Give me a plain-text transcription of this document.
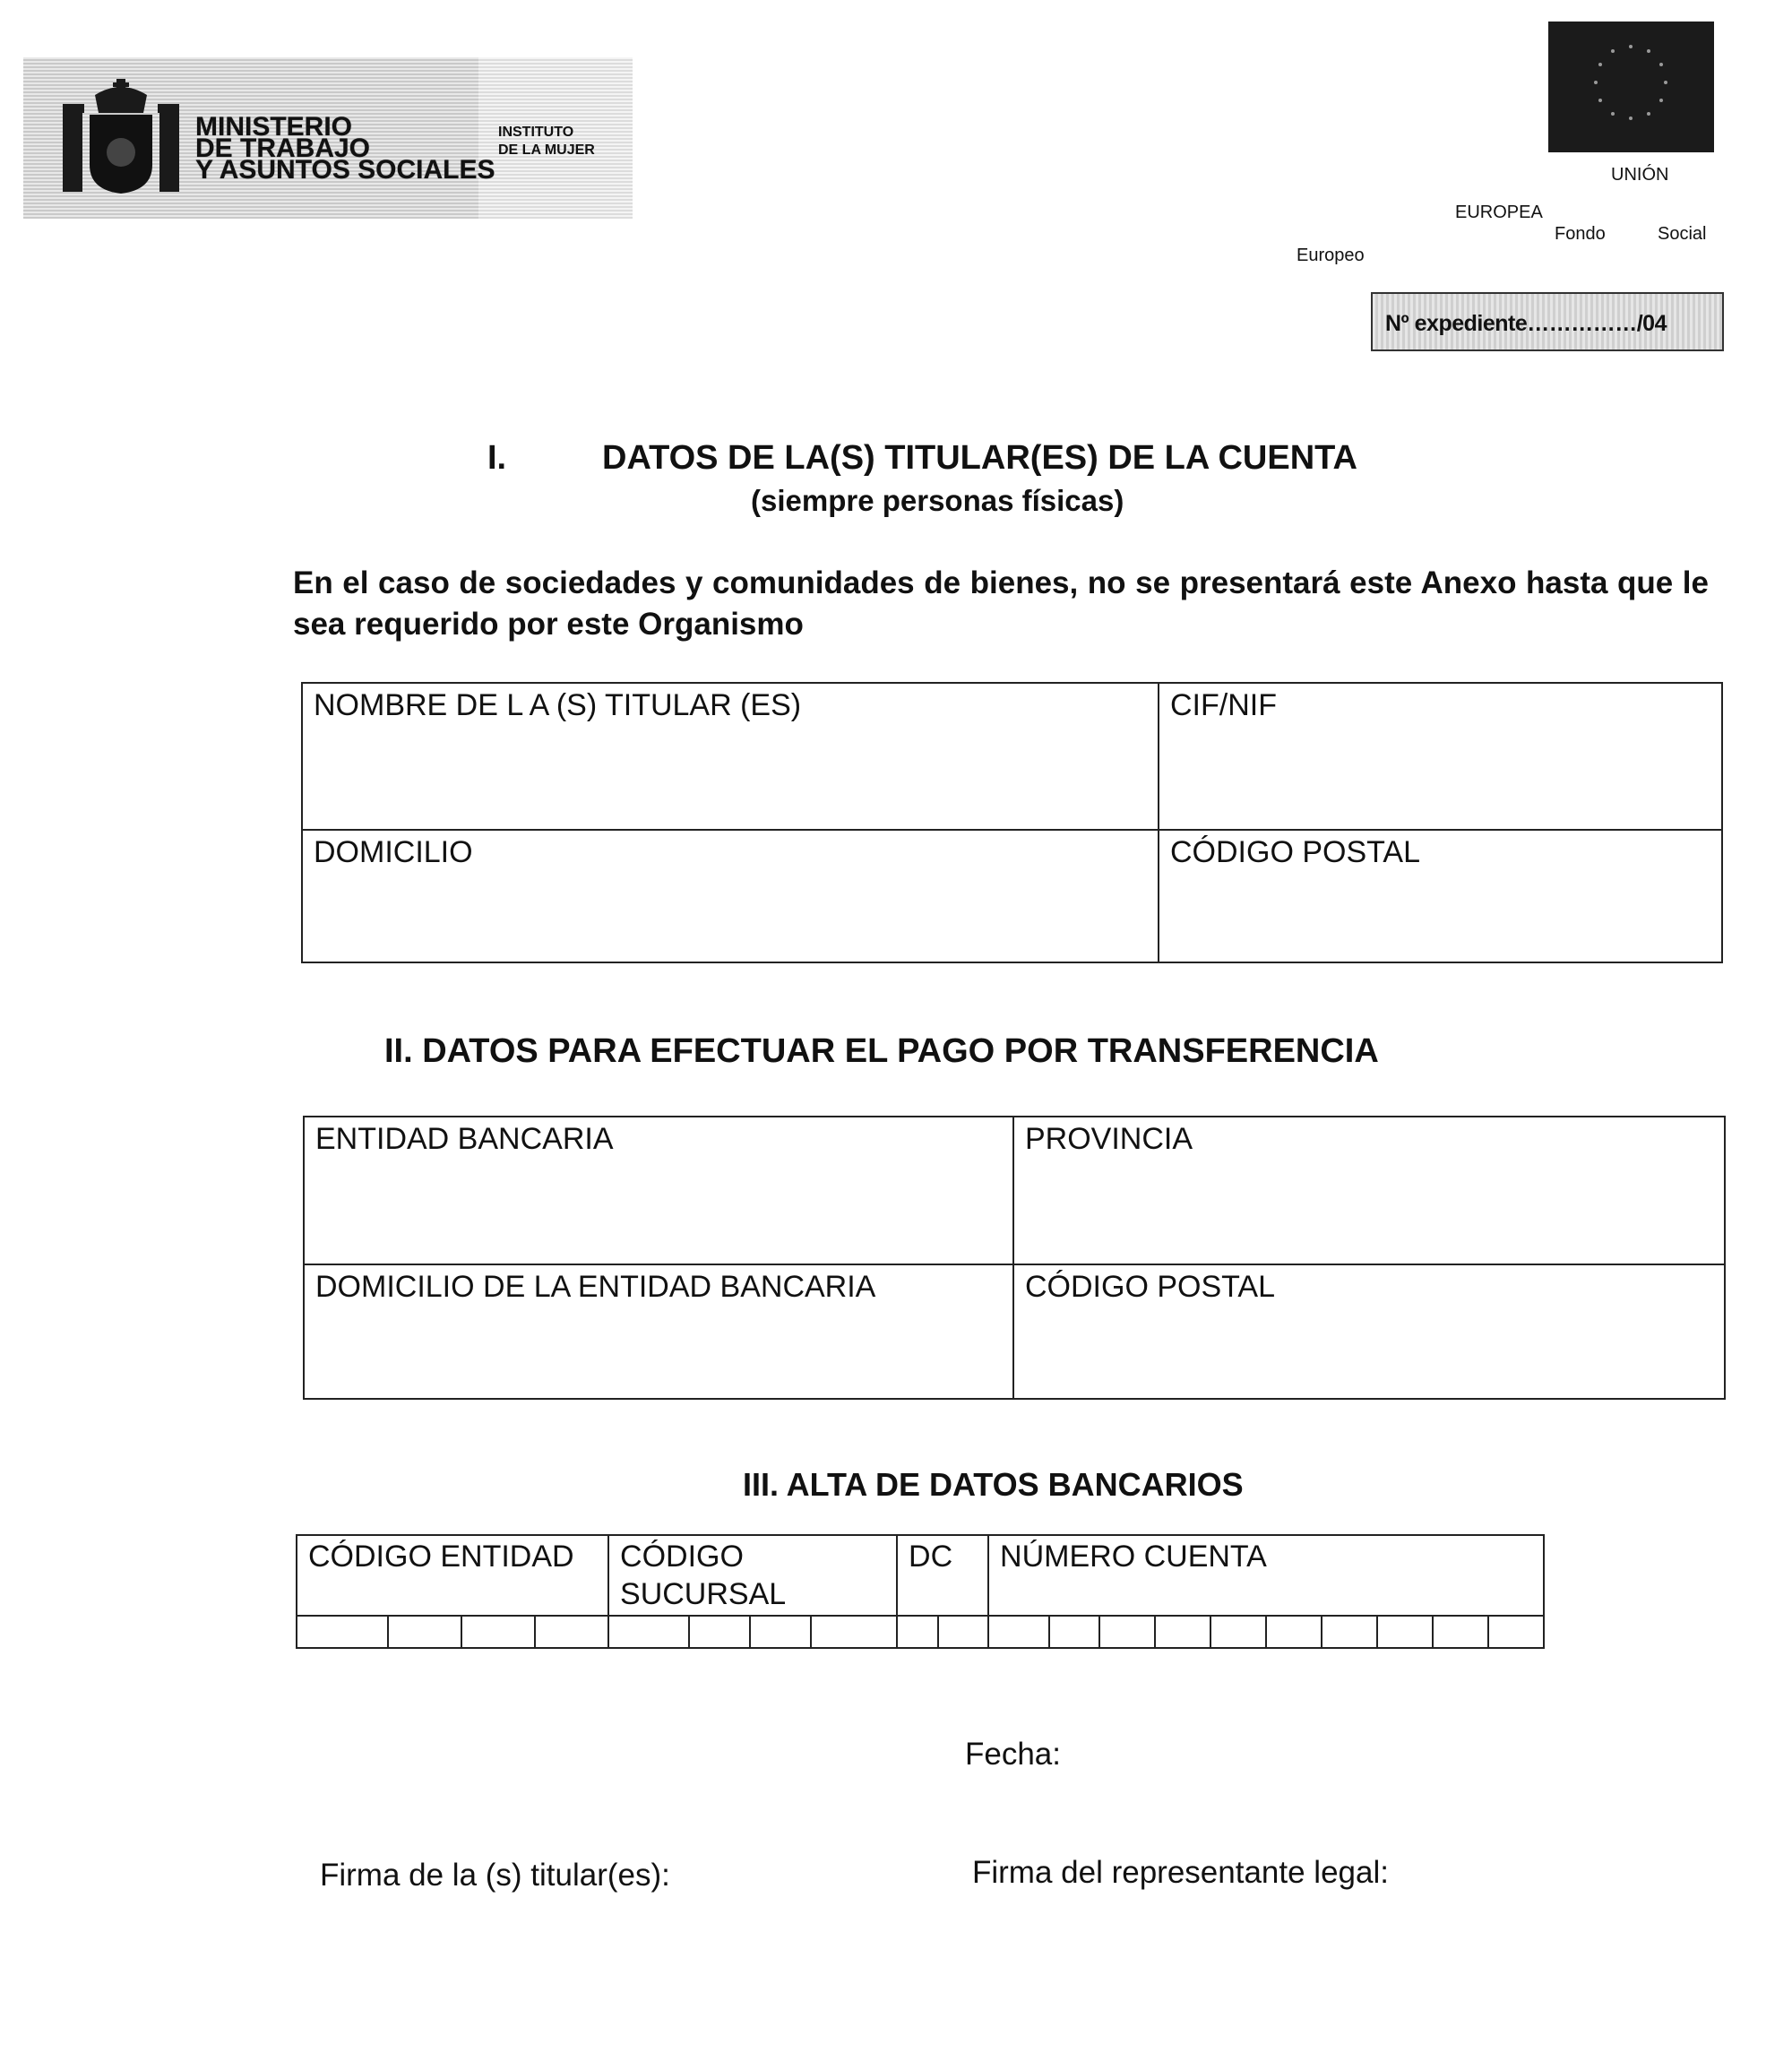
MINISTERIO
DE TRABAJO
Y ASUNTOS SOCIALES
INSTITUTO
DE LA MUJER
UNIÓN
EUROPEA
Fondo	Social
Europeo
Nº expediente……………/04
I.	DATOS DE LA(S) TITULAR(ES) DE LA CUENTA
(siempre personas físicas)
En el caso de sociedades y comunidades de bienes, no se presentará este Anexo hasta que le sea requerido por este Organismo
NOMBRE DE L A (S) TITULAR (ES)	CIF/NIF
DOMICILIO	CÓDIGO POSTAL
II. DATOS PARA EFECTUAR EL PAGO POR TRANSFERENCIA
ENTIDAD BANCARIA	PROVINCIA
DOMICILIO DE LA ENTIDAD BANCARIA	CÓDIGO POSTAL
III. ALTA DE DATOS BANCARIOS
CÓDIGO ENTIDAD				CÓDIGO SUCURSAL				DC		NÚMERO CUENTA									

Fecha:
Firma de la (s) titular(es):	Firma del representante legal:
